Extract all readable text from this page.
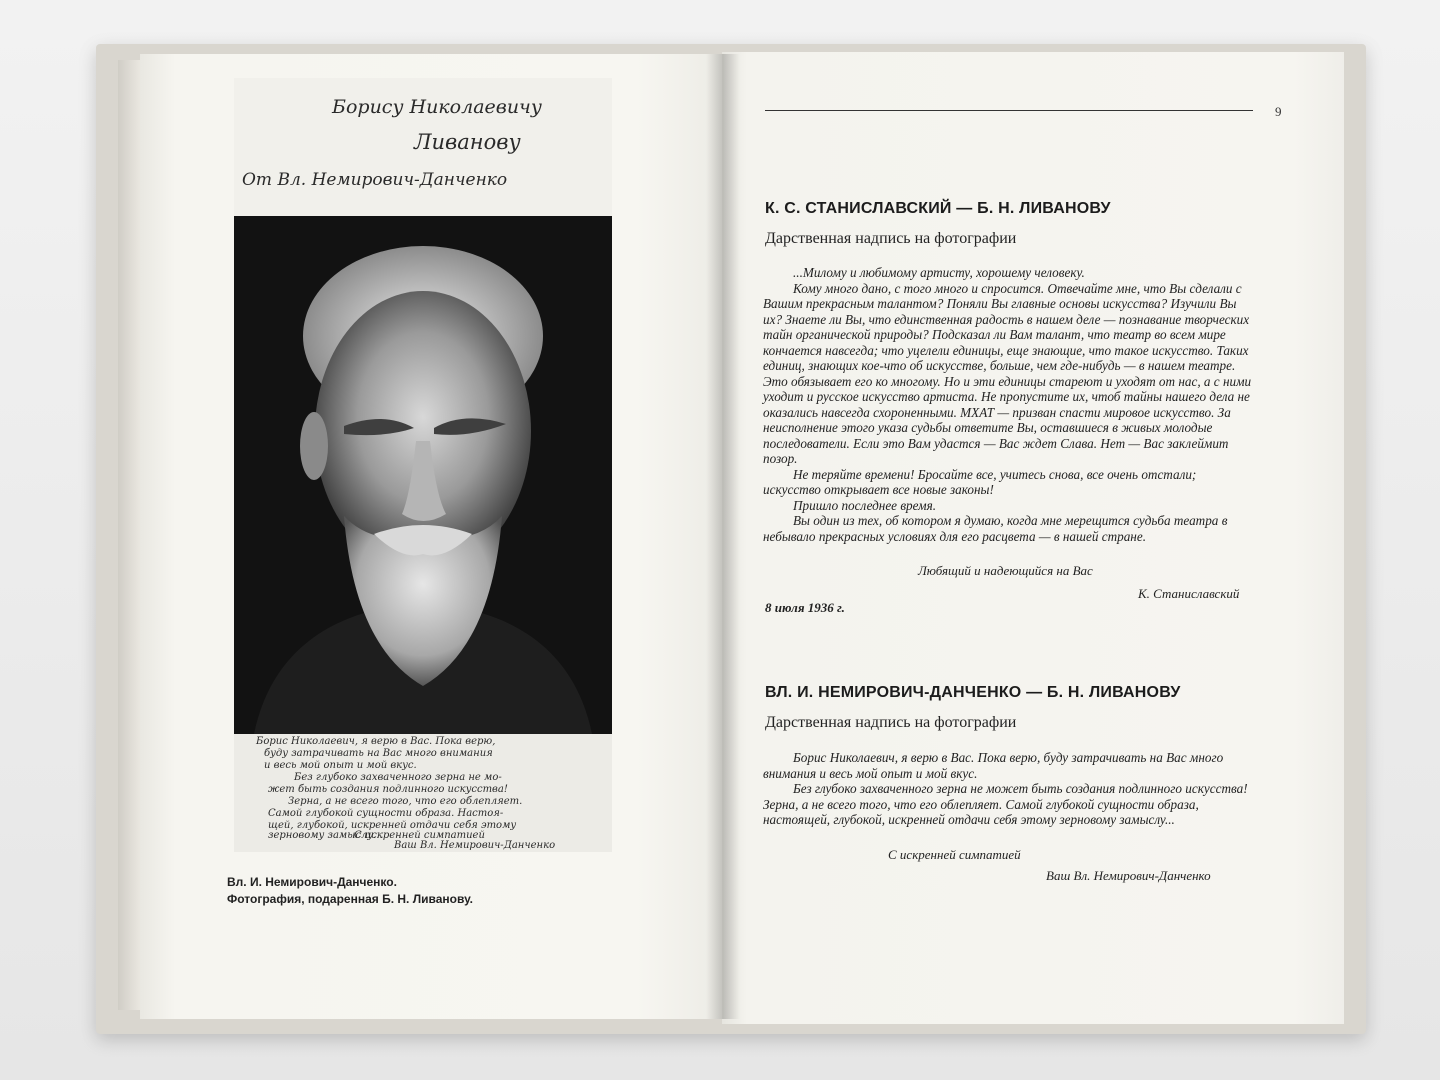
Борису Николаевичу
Ливанову
От Вл. Немирович-Данченко
Борис Николаевич, я верю в Вас. Пока верю,
буду затрачивать на Вас много внимания
и весь мой опыт и мой вкус.
Без глубоко захваченного зерна не мо-
жет быть создания подлинного искусства!
Зерна, а не всего того, что его облепляет.
Самой глубокой сущности образа. Настоя-
щей, глубокой, искренней отдачи себя этому
зерновому замыслу...
С искренней симпатией
Ваш Вл. Немирович-Данченко
Вл. И. Немирович-Данченко.
Фотография, подаренная Б. Н. Ливанову.
9
К. С. СТАНИСЛАВСКИЙ — Б. Н. ЛИВАНОВУ
Дарственная надпись на фотографии

...Милому и любимому артисту, хорошему человеку.

Кому много дано, с того много и спросится. Отвечайте мне, что Вы сделали с Вашим прекрасным талантом? Поняли Вы главные основы искусства? Изучили Вы их? Знаете ли Вы, что единственная радость в нашем деле — познавание творческих тайн органической природы? Подсказал ли Вам талант, что театр во всем мире кончается навсегда; что уцелели единицы, еще знающие, что такое искусство. Таких единиц, знающих кое-что об искусстве, больше, чем где-нибудь — в нашем театре. Это обязывает его ко многому. Но и эти единицы стареют и уходят от нас, а с ними уходит и русское искусство артиста. Не пропустите их, чтоб тайны нашего дела не оказались навсегда схороненными. МХАТ — призван спасти мировое искусство. За неисполнение этого указа судьбы ответите Вы, оставшиеся в живых молодые последователи. Если это Вам удастся — Вас ждет Слава. Нет — Вас заклеймит позор.

Не теряйте времени! Бросайте все, учитесь снова, все очень отстали; искусство открывает все новые законы!

Пришло последнее время.

Вы один из тех, об котором я думаю, когда мне мерещится судьба театра в небывало прекрасных условиях для его расцвета — в нашей стране.

Любящий и надеющийся на Вас
К. Станиславский
8 июля 1936 г.
ВЛ. И. НЕМИРОВИЧ-ДАНЧЕНКО — Б. Н. ЛИВАНОВУ
Дарственная надпись на фотографии

Борис Николаевич, я верю в Вас. Пока верю, буду затрачивать на Вас много внимания и весь мой опыт и мой вкус.

Без глубоко захваченного зерна не может быть создания подлинного искусства! Зерна, а не всего того, что его облепляет. Самой глубокой сущности образа, настоящей, глубокой, искренней отдачи себя этому зерновому замыслу...

С искренней симпатией
Ваш Вл. Немирович-Данченко
